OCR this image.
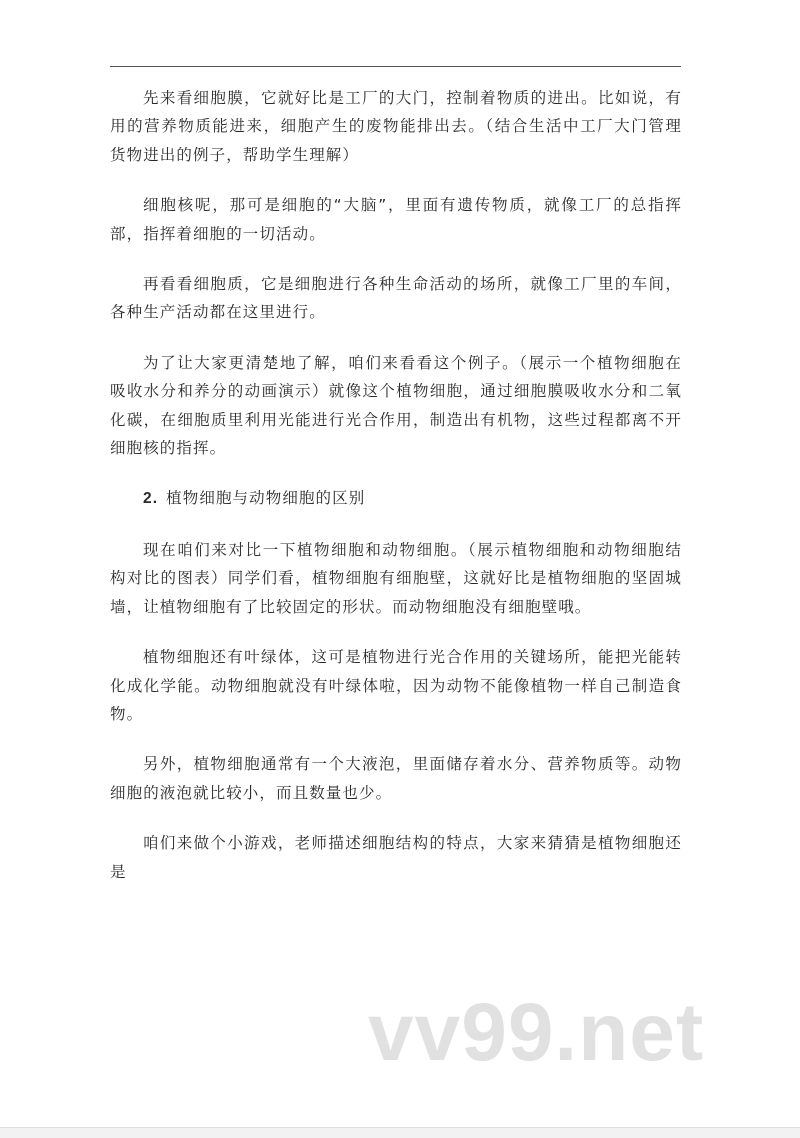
先来看细胞膜，它就好比是工厂的大门，控制着物质的进出。比如说，有用的营养物质能进来，细胞产生的废物能排出去。（结合生活中工厂大门管理货物进出的例子，帮助学生理解）

细胞核呢，那可是细胞的“大脑”，里面有遗传物质，就像工厂的总指挥部，指挥着细胞的一切活动。

再看看细胞质，它是细胞进行各种生命活动的场所，就像工厂里的车间，各种生产活动都在这里进行。

为了让大家更清楚地了解，咱们来看看这个例子。（展示一个植物细胞在吸收水分和养分的动画演示）就像这个植物细胞，通过细胞膜吸收水分和二氧化碳，在细胞质里利用光能进行光合作用，制造出有机物，这些过程都离不开细胞核的指挥。

2. 植物细胞与动物细胞的区别

现在咱们来对比一下植物细胞和动物细胞。（展示植物细胞和动物细胞结构对比的图表）同学们看，植物细胞有细胞壁，这就好比是植物细胞的坚固城墙，让植物细胞有了比较固定的形状。而动物细胞没有细胞壁哦。

植物细胞还有叶绿体，这可是植物进行光合作用的关键场所，能把光能转化成化学能。动物细胞就没有叶绿体啦，因为动物不能像植物一样自己制造食物。

另外，植物细胞通常有一个大液泡，里面储存着水分、营养物质等。动物细胞的液泡就比较小，而且数量也少。

咱们来做个小游戏，老师描述细胞结构的特点，大家来猜猜是植物细胞还是

vv99.net
